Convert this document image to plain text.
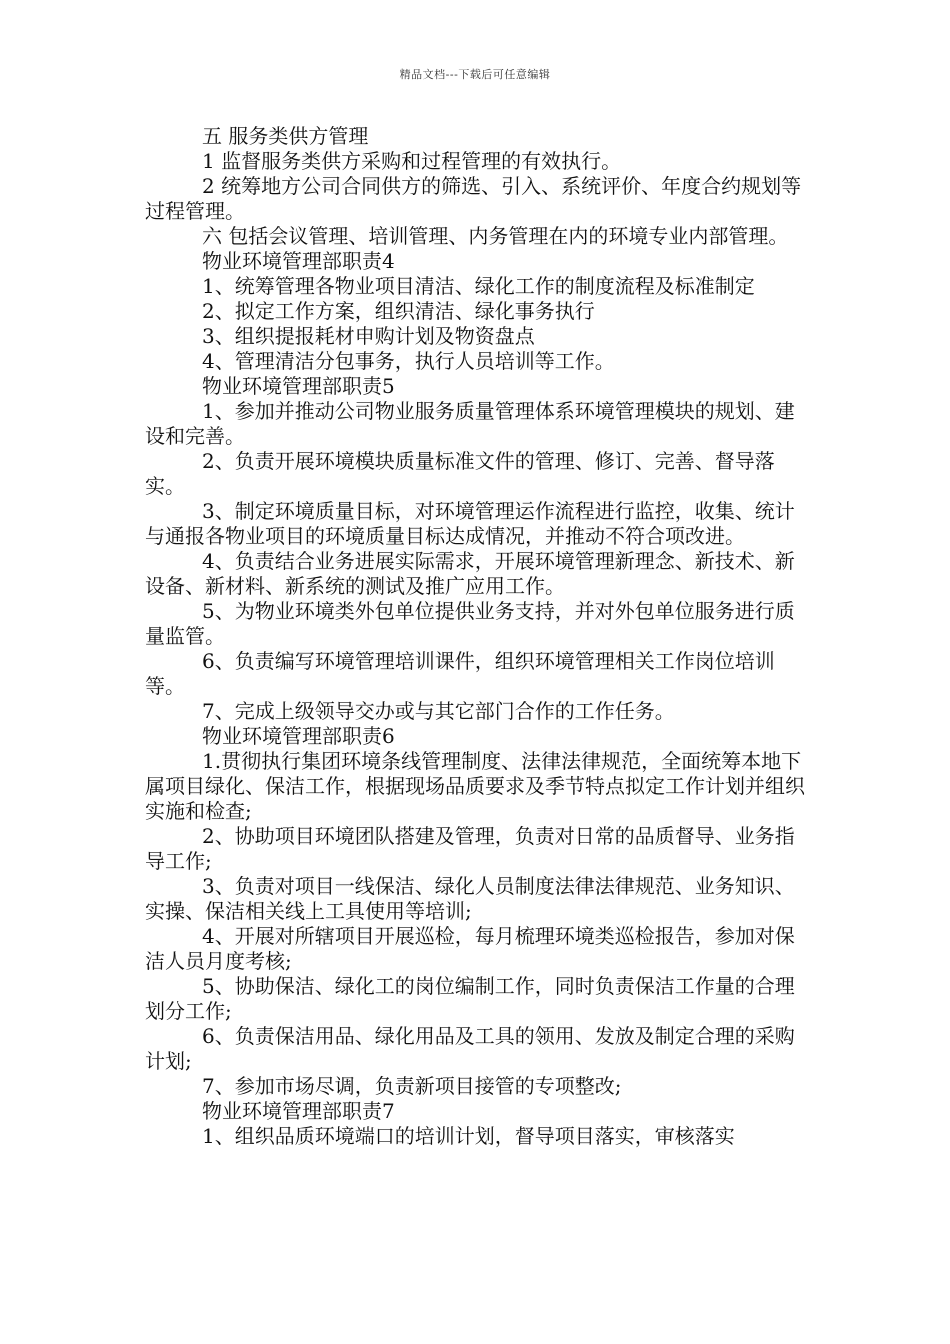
精品文档---下载后可任意编辑

五 服务类供方管理

1 监督服务类供方采购和过程管理的有效执行。

2 统筹地方公司合同供方的筛选、引入、系统评价、年度合约规划等过程管理。

六 包括会议管理、培训管理、内务管理在内的环境专业内部管理。

物业环境管理部职责4

1、统筹管理各物业项目清洁、绿化工作的制度流程及标准制定

2、拟定工作方案，组织清洁、绿化事务执行

3、组织提报耗材申购计划及物资盘点

4、管理清洁分包事务，执行人员培训等工作。

物业环境管理部职责5

1、参加并推动公司物业服务质量管理体系环境管理模块的规划、建设和完善。

2、负责开展环境模块质量标准文件的管理、修订、完善、督导落实。

3、制定环境质量目标，对环境管理运作流程进行监控，收集、统计与通报各物业项目的环境质量目标达成情况，并推动不符合项改进。

4、负责结合业务进展实际需求，开展环境管理新理念、新技术、新设备、新材料、新系统的测试及推广应用工作。

5、为物业环境类外包单位提供业务支持，并对外包单位服务进行质量监管。

6、负责编写环境管理培训课件，组织环境管理相关工作岗位培训等。

7、完成上级领导交办或与其它部门合作的工作任务。

物业环境管理部职责6

1.贯彻执行集团环境条线管理制度、法律法律规范，全面统筹本地下属项目绿化、保洁工作，根据现场品质要求及季节特点拟定工作计划并组织实施和检查;

2、协助项目环境团队搭建及管理，负责对日常的品质督导、业务指导工作;

3、负责对项目一线保洁、绿化人员制度法律法律规范、业务知识、实操、保洁相关线上工具使用等培训;

4、开展对所辖项目开展巡检，每月梳理环境类巡检报告，参加对保洁人员月度考核;

5、协助保洁、绿化工的岗位编制工作，同时负责保洁工作量的合理划分工作;

6、负责保洁用品、绿化用品及工具的领用、发放及制定合理的采购计划;

7、参加市场尽调，负责新项目接管的专项整改;

物业环境管理部职责7

1、组织品质环境端口的培训计划，督导项目落实，审核落实
